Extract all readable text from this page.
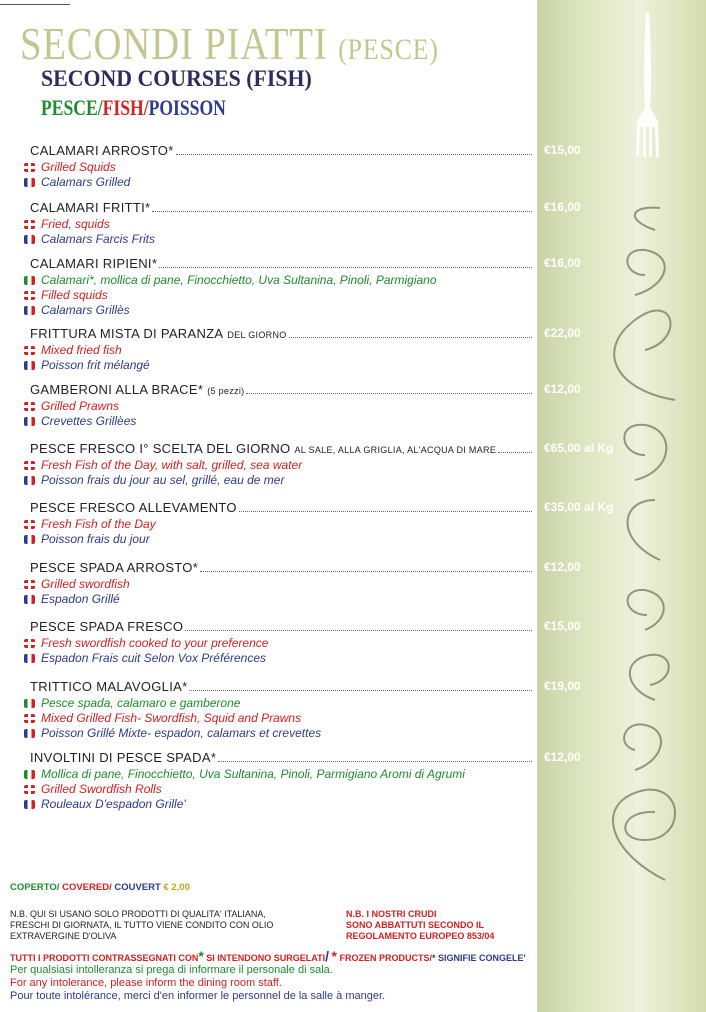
SECONDI PIATTI (PESCE)
SECOND COURSES (FISH)
PESCE/FISH/POISSON
CALAMARI ARROSTO*	€15,00
Grilled Squids
Calamars Grilled
CALAMARI FRITTI*	€16,00
Fried, squids
Calamars Farcis Frits
CALAMARI RIPIENI*	€16,00
Calamari*, mollica di pane, Finocchietto, Uva Sultanina, Pinoli, Parmigiano
Filled squids
Calamars Grillès
FRITTURA MISTA DI PARANZA DEL GIORNO	€22,00
Mixed fried fish
Poisson frit mélangé
GAMBERONI ALLA BRACE* (5 pezzi)	€12,00
Grilled Prawns
Crevettes Grillèes
PESCE FRESCO I° SCELTA DEL GIORNO AL SALE, ALLA GRIGLIA, AL'ACQUA DI MARE	€65,00 al Kg
Fresh Fish of the Day, with salt, grilled, sea water
Poisson frais du jour au sel, grillé, eau de mer
PESCE FRESCO ALLEVAMENTO	€35,00 al Kg
Fresh Fish of the Day
Poisson frais du jour
PESCE SPADA ARROSTO*	€12,00
Grilled swordfish
Espadon Grillé
PESCE SPADA FRESCO	€15,00
Fresh swordfish cooked to your preference
Espadon Frais cuit Selon Vox Préférences
TRITTICO MALAVOGLIA*	€19,00
Pesce spada, calamaro e gamberone
Mixed Grilled Fish- Swordfish, Squid and Prawns
Poisson Grillé Mixte- espadon, calamars et crevettes
INVOLTINI DI PESCE SPADA*	€12,00
Mollica di pane, Finocchietto, Uva Sultanina, Pinoli, Parmigiano Aromi di Agrumi
Grilled Swordfish Rolls
Rouleaux D'espadon Grille'
COPERTO/ COVERED/ COUVERT € 2,00
N.B. QUI SI USANO SOLO PRODOTTI DI QUALITA' ITALIANA,
FRESCHI DI GIORNATA, IL TUTTO VIENE CONDITO CON OLIO
EXTRAVERGINE D'OLIVA
N.B. I NOSTRI CRUDI
SONO ABBATTUTI SECONDO IL
REGOLAMENTO EUROPEO 853/04
TUTTI I PRODOTTI CONTRASSEGNATI CON* SI INTENDONO SURGELATI/ * FROZEN PRODUCTS/* SIGNIFIE CONGELE'
Per qualsiasi intolleranza si prega di informare il personale di sala.
For any intolerance, please inform the dining room staff.
Pour toute intolérance, merci d'en informer le personnel de la salle à manger.
